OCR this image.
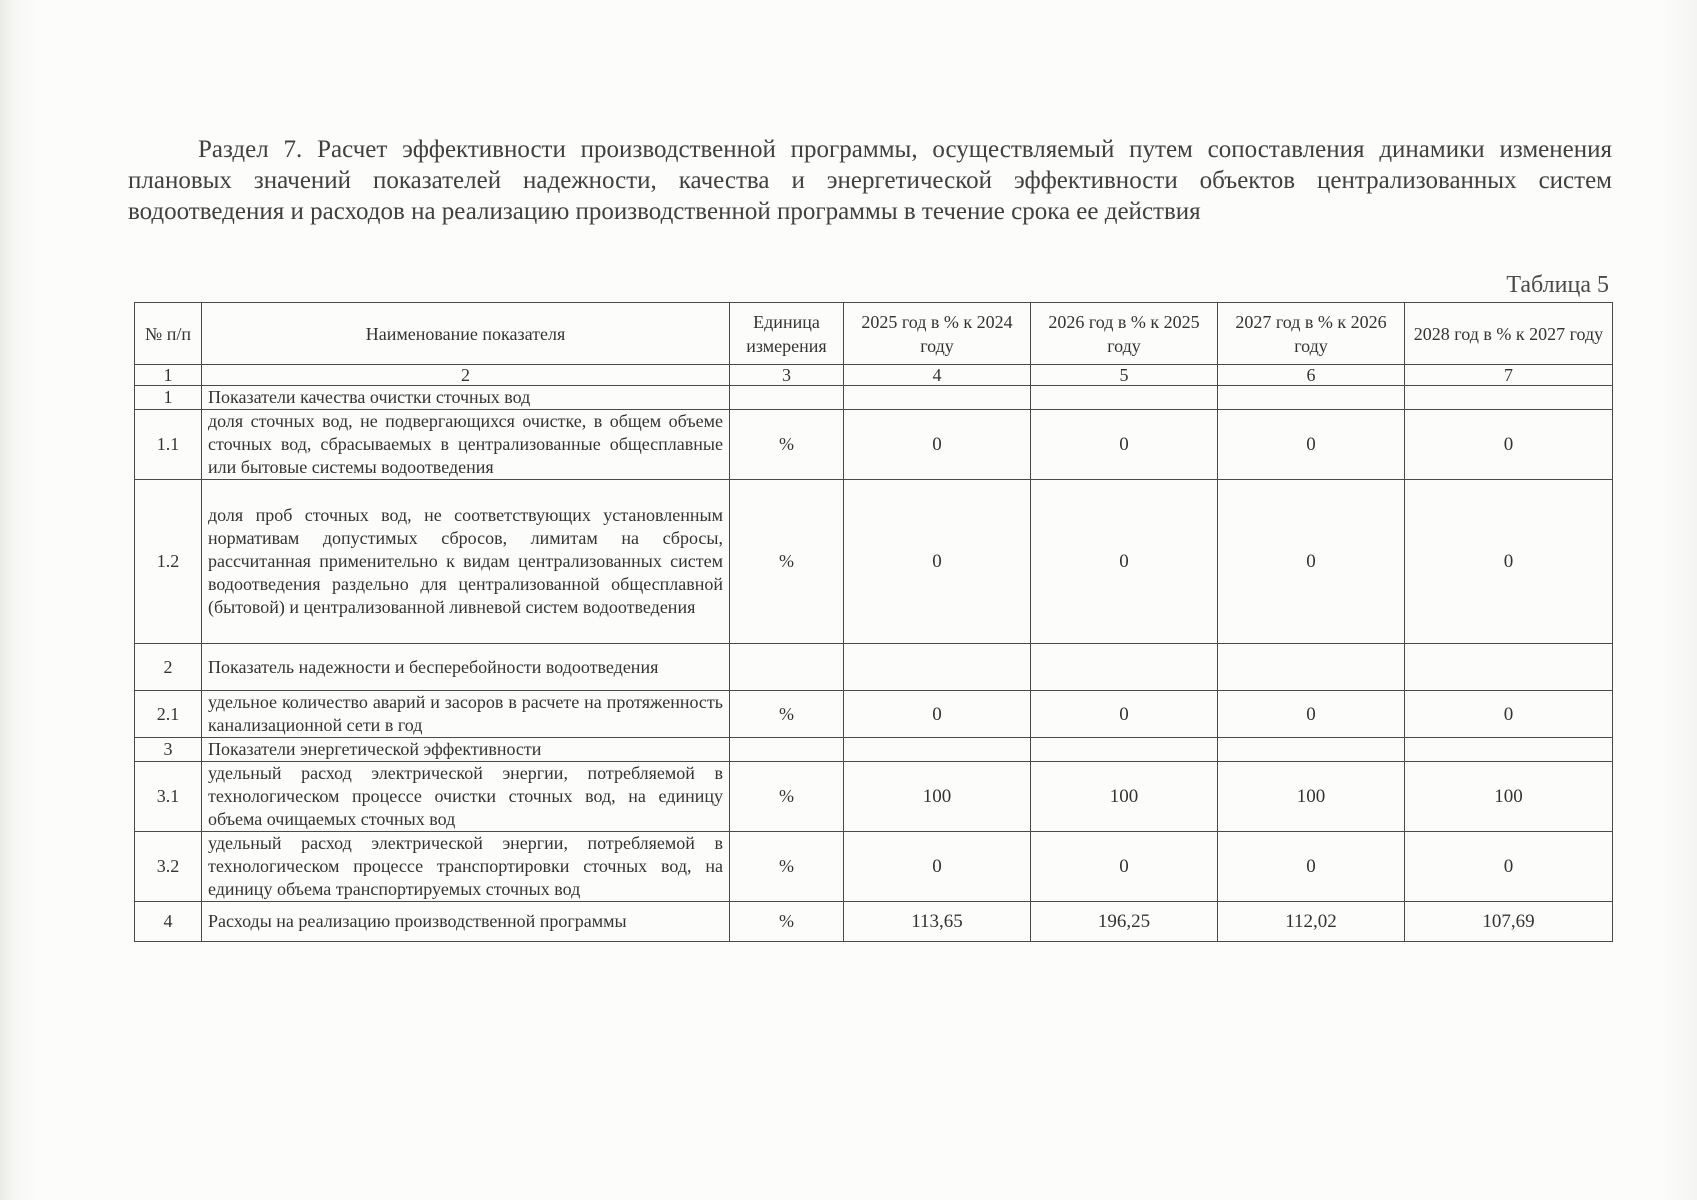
Раздел 7. Расчет эффективности производственной программы, осуществляемый путем сопоставления динамики изменения плановых значений показателей надежности, качества и энергетической эффективности объектов централизованных систем водоотведения и расходов на реализацию производственной программы в течение срока ее действия
Таблица 5
№ п/п	Наименование показателя	Единица измерения	2025 год в % к 2024 году	2026 год в % к 2025 году	2027 год в % к 2026 году	2028 год в % к 2027 году
1	2	3	4	5	6	7
1	Показатели качества очистки сточных вод					
1.1	доля сточных вод, не подвергающихся очистке, в общем объеме сточных вод, сбрасываемых в централизованные общесплавные или бытовые системы водоотведения	%	0	0	0	0
1.2	доля проб сточных вод, не соответствующих установленным нормативам допустимых сбросов, лимитам на сбросы, рассчитанная применительно к видам централизованных систем водоотведения раздельно для централизованной общесплавной (бытовой) и централизованной ливневой систем водоотведения	%	0	0	0	0
2	Показатель надежности и бесперебойности водоотведения					
2.1	удельное количество аварий и засоров в расчете на протяженность канализационной сети в год	%	0	0	0	0
3	Показатели энергетической эффективности					
3.1	удельный расход электрической энергии, потребляемой в технологическом процессе очистки сточных вод, на единицу объема очищаемых сточных вод	%	100	100	100	100
3.2	удельный расход электрической энергии, потребляемой в технологическом процессе транспортировки сточных вод, на единицу объема транспортируемых сточных вод	%	0	0	0	0
4	Расходы на реализацию производственной программы	%	113,65	196,25	112,02	107,69
